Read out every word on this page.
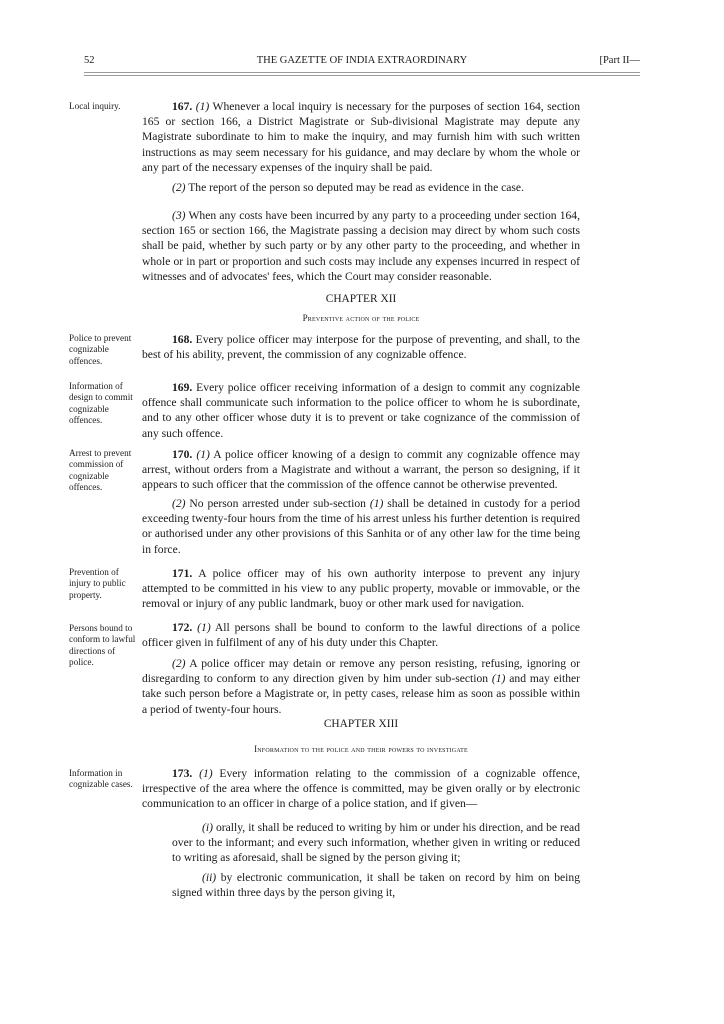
52	THE GAZETTE OF INDIA EXTRAORDINARY	[Part II—
Local inquiry.
Police to prevent cognizable offences.
Information of design to commit cognizable offences.
Arrest to prevent commission of cognizable offences.
Prevention of injury to public property.
Persons bound to conform to lawful directions of police.
Information in cognizable cases.

167. (1) Whenever a local inquiry is necessary for the purposes of section 164, section 165 or section 166, a District Magistrate or Sub-divisional Magistrate may depute any Magistrate subordinate to him to make the inquiry, and may furnish him with such written instructions as may seem necessary for his guidance, and may declare by whom the whole or any part of the necessary expenses of the inquiry shall be paid.

(2) The report of the person so deputed may be read as evidence in the case.

(3) When any costs have been incurred by any party to a proceeding under section 164, section 165 or section 166, the Magistrate passing a decision may direct by whom such costs shall be paid, whether by such party or by any other party to the proceeding, and whether in whole or in part or proportion and such costs may include any expenses incurred in respect of witnesses and of advocates' fees, which the Court may consider reasonable.

CHAPTER XII
Preventive action of the police

168. Every police officer may interpose for the purpose of preventing, and shall, to the best of his ability, prevent, the commission of any cognizable offence.

169. Every police officer receiving information of a design to commit any cognizable offence shall communicate such information to the police officer to whom he is subordinate, and to any other officer whose duty it is to prevent or take cognizance of the commission of any such offence.

170. (1) A police officer knowing of a design to commit any cognizable offence may arrest, without orders from a Magistrate and without a warrant, the person so designing, if it appears to such officer that the commission of the offence cannot be otherwise prevented.

(2) No person arrested under sub-section (1) shall be detained in custody for a period exceeding twenty-four hours from the time of his arrest unless his further detention is required or authorised under any other provisions of this Sanhita or of any other law for the time being in force.

171. A police officer may of his own authority interpose to prevent any injury attempted to be committed in his view to any public property, movable or immovable, or the removal or injury of any public landmark, buoy or other mark used for navigation.

172. (1) All persons shall be bound to conform to the lawful directions of a police officer given in fulfilment of any of his duty under this Chapter.

(2) A police officer may detain or remove any person resisting, refusing, ignoring or disregarding to conform to any direction given by him under sub-section (1) and may either take such person before a Magistrate or, in petty cases, release him as soon as possible within a period of twenty-four hours.

CHAPTER XIII
Information to the police and their powers to investigate

173. (1) Every information relating to the commission of a cognizable offence, irrespective of the area where the offence is committed, may be given orally or by electronic communication to an officer in charge of a police station, and if given—

(i) orally, it shall be reduced to writing by him or under his direction, and be read over to the informant; and every such information, whether given in writing or reduced to writing as aforesaid, shall be signed by the person giving it;

(ii) by electronic communication, it shall be taken on record by him on being signed within three days by the person giving it,
